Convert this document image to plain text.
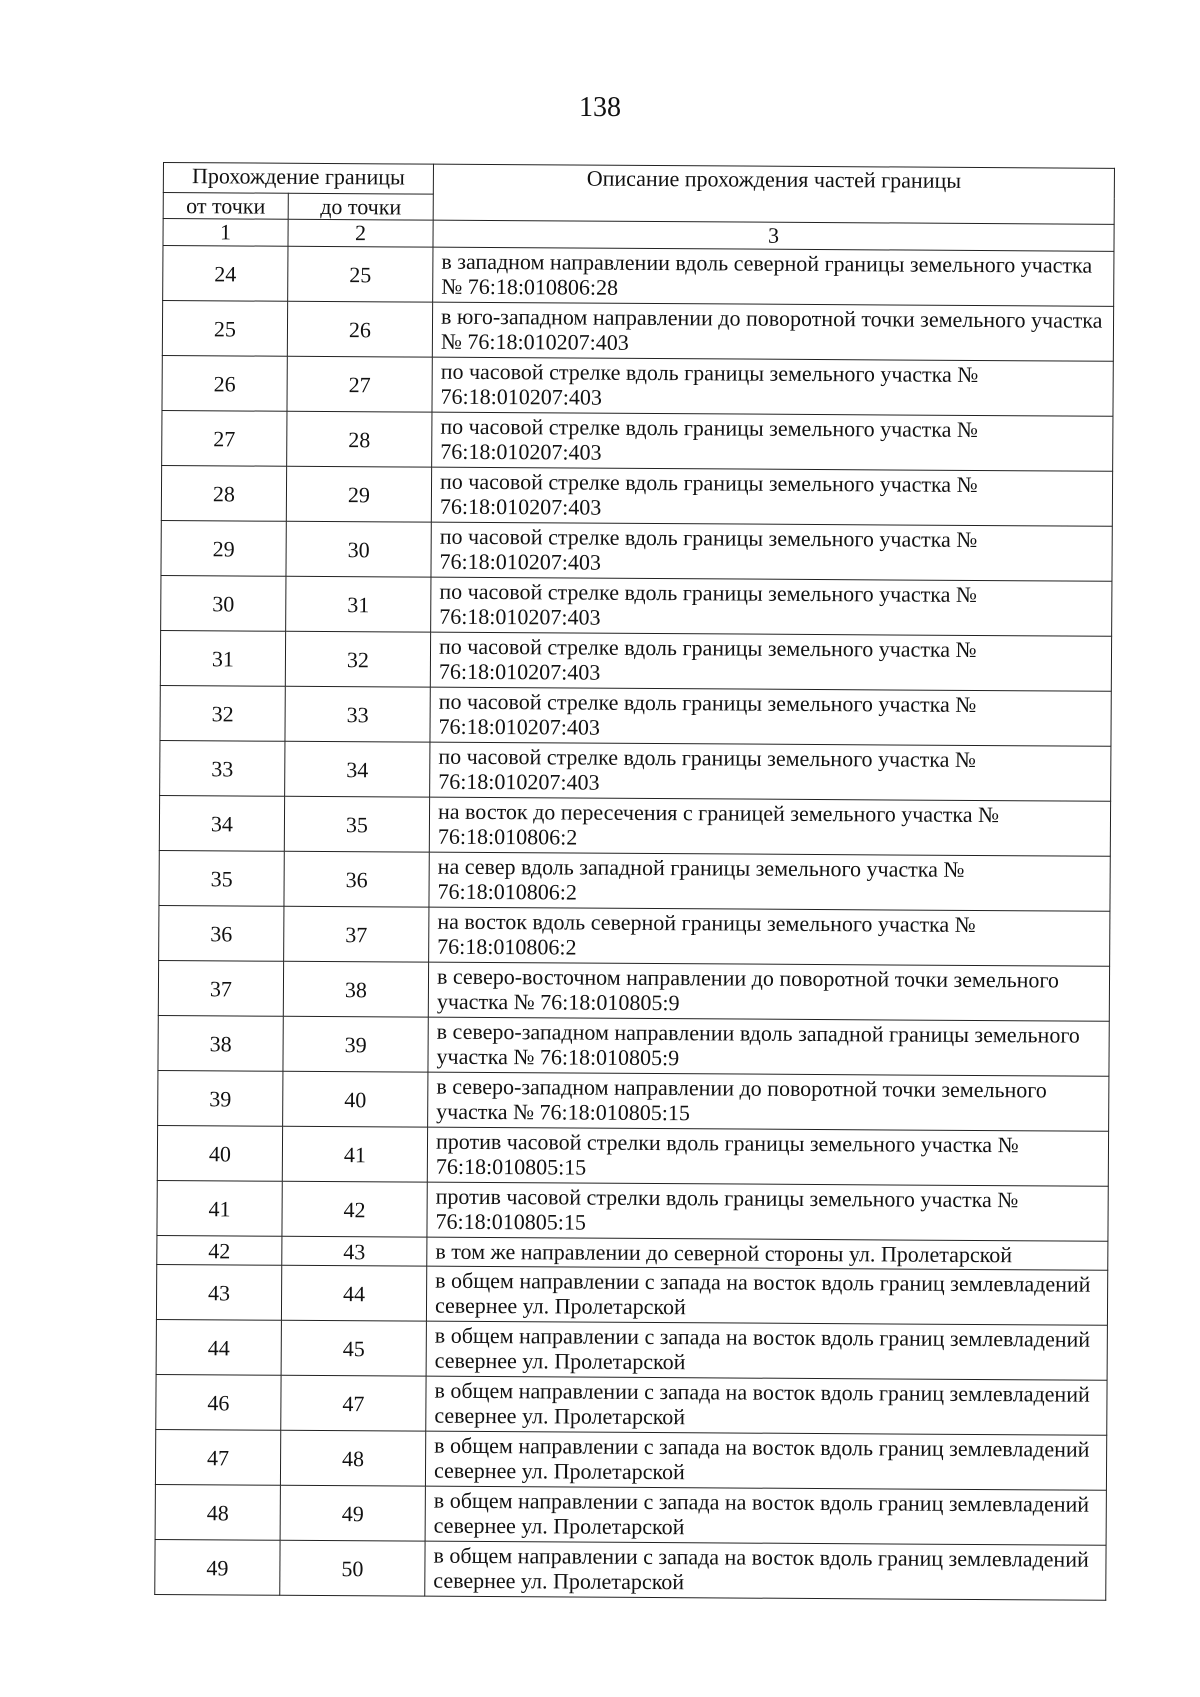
138
Прохождение границы		Описание прохождения частей границы
от точки	до точки	
1	2	3
24	25	в западном направлении вдоль северной границы земельного участка № 76:18:010806:28
25	26	в юго-западном направлении до поворотной точки земельного участка № 76:18:010207:403
26	27	по часовой стрелке вдоль границы земельного участка № 76:18:010207:403
27	28	по часовой стрелке вдоль границы земельного участка № 76:18:010207:403
28	29	по часовой стрелке вдоль границы земельного участка № 76:18:010207:403
29	30	по часовой стрелке вдоль границы земельного участка № 76:18:010207:403
30	31	по часовой стрелке вдоль границы земельного участка № 76:18:010207:403
31	32	по часовой стрелке вдоль границы земельного участка № 76:18:010207:403
32	33	по часовой стрелке вдоль границы земельного участка № 76:18:010207:403
33	34	по часовой стрелке вдоль границы земельного участка № 76:18:010207:403
34	35	на восток до пересечения с границей земельного участка № 76:18:010806:2
35	36	на север вдоль западной границы земельного участка № 76:18:010806:2
36	37	на восток вдоль северной границы земельного участка № 76:18:010806:2
37	38	в северо-восточном направлении до поворотной точки земельного участка № 76:18:010805:9
38	39	в северо-западном направлении вдоль западной границы земельного участка № 76:18:010805:9
39	40	в северо-западном направлении до поворотной точки земельного участка № 76:18:010805:15
40	41	против часовой стрелки вдоль границы земельного участка № 76:18:010805:15
41	42	против часовой стрелки вдоль границы земельного участка № 76:18:010805:15
42	43	в том же направлении до северной стороны ул. Пролетарской
43	44	в общем направлении с запада на восток вдоль границ землевладений севернее ул. Пролетарской
44	45	в общем направлении с запада на восток вдоль границ землевладений севернее ул. Пролетарской
46	47	в общем направлении с запада на восток вдоль границ землевладений севернее ул. Пролетарской
47	48	в общем направлении с запада на восток вдоль границ землевладений севернее ул. Пролетарской
48	49	в общем направлении с запада на восток вдоль границ землевладений севернее ул. Пролетарской
49	50	в общем направлении с запада на восток вдоль границ землевладений севернее ул. Пролетарской
